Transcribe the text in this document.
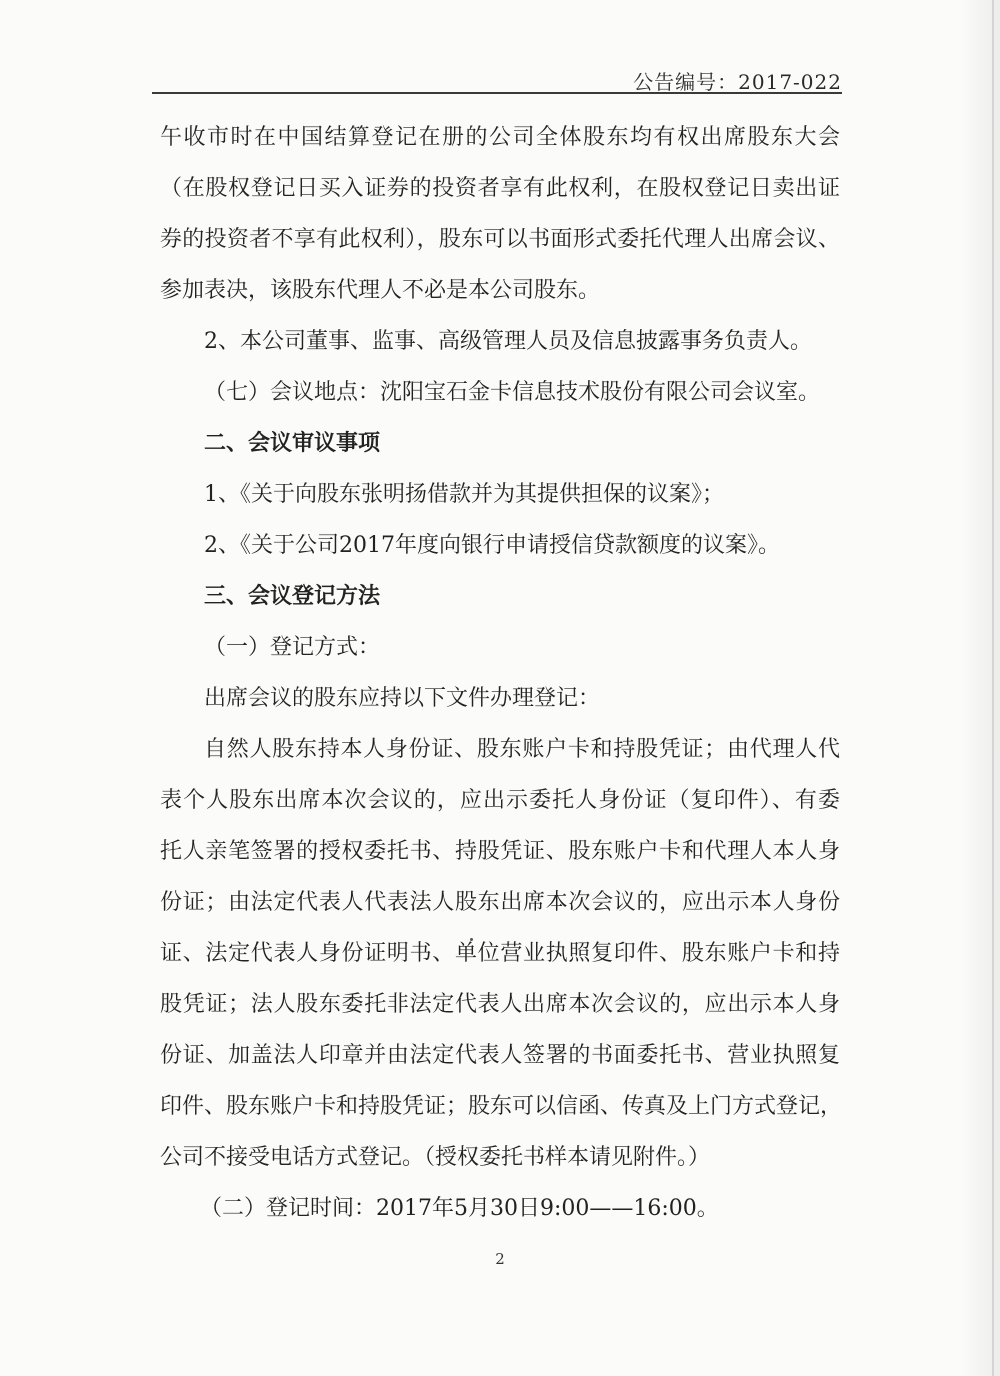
公告编号：2017-022
午收市时在中国结算登记在册的公司全体股东均有权出席股东大会
（在股权登记日买入证券的投资者享有此权利，在股权登记日卖出证
券的投资者不享有此权利），股东可以书面形式委托代理人出席会议、
参加表决，该股东代理人不必是本公司股东。
2、本公司董事、监事、高级管理人员及信息披露事务负责人。
（七）会议地点：沈阳宝石金卡信息技术股份有限公司会议室。
二、会议审议事项
1、《关于向股东张明扬借款并为其提供担保的议案》；
2、《关于公司2017年度向银行申请授信贷款额度的议案》。
三、会议登记方法
（一）登记方式：
出席会议的股东应持以下文件办理登记：
自然人股东持本人身份证、股东账户卡和持股凭证；由代理人代
表个人股东出席本次会议的，应出示委托人身份证（复印件）、有委
托人亲笔签署的授权委托书、持股凭证、股东账户卡和代理人本人身
份证；由法定代表人代表法人股东出席本次会议的，应出示本人身份
证、法定代表人身份证明书、单位营业执照复印件、股东账户卡和持
股凭证；法人股东委托非法定代表人出席本次会议的，应出示本人身
份证、加盖法人印章并由法定代表人签署的书面委托书、营业执照复
印件、股东账户卡和持股凭证；股东可以信函、传真及上门方式登记，
公司不接受电话方式登记。（授权委托书样本请见附件。）
（二）登记时间：2017年5月30日9:00——16:00。
2
